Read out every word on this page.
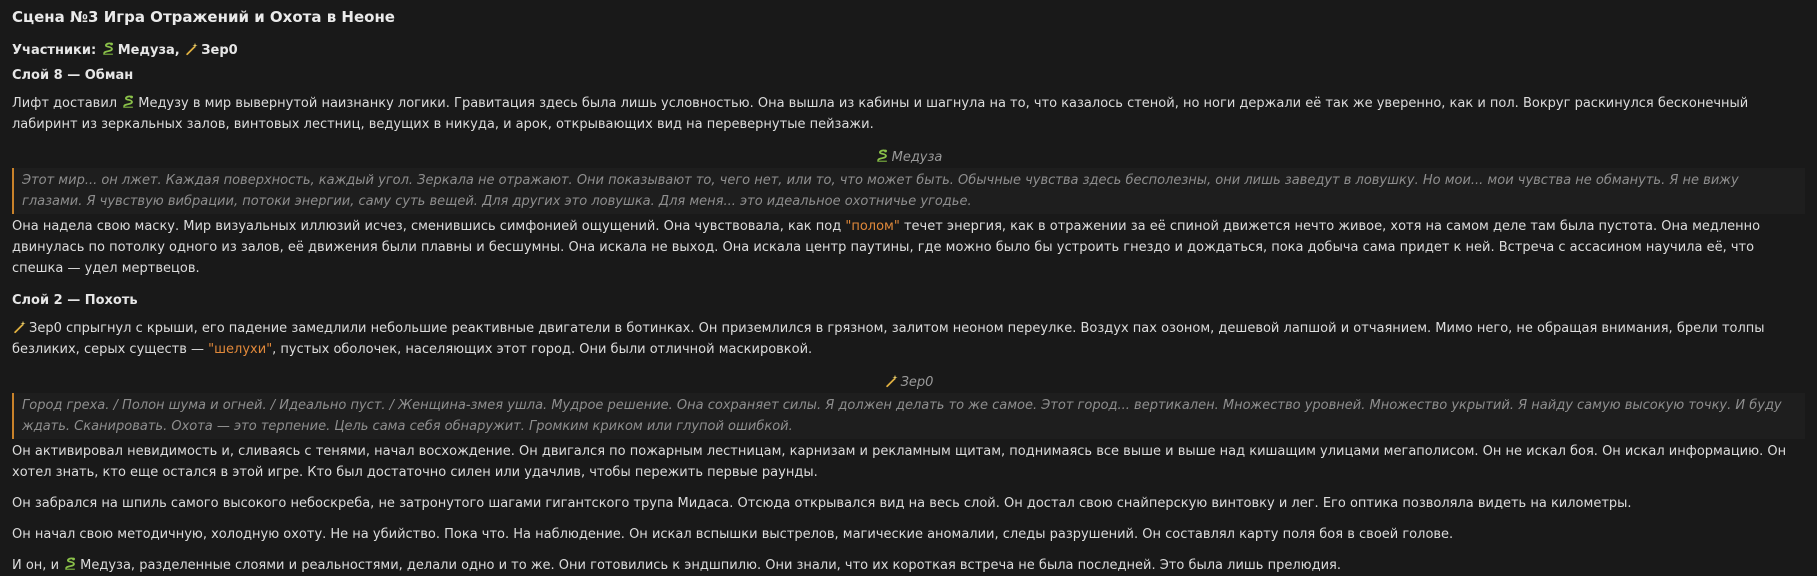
Сцена №3 Игра Отражений и Охота в Неоне
Участники: Медуза, Зер0
Слой 8 — Обман

Лифт доставил Медузу в мир вывернутой наизнанку логики. Гравитация здесь была лишь условностью. Она вышла из кабины и шагнула на то, что казалось стеной, но ноги держали её так же уверенно, как и пол. Вокруг раскинулся бесконечный лабиринт из зеркальных залов, винтовых лестниц, ведущих в никуда, и арок, открывающих вид на перевернутые пейзажи.

Медуза
Этот мир... он лжет. Каждая поверхность, каждый угол. Зеркала не отражают. Они показывают то, чего нет, или то, что может быть. Обычные чувства здесь бесполезны, они лишь заведут в ловушку. Но мои... мои чувства не обмануть. Я не вижу глазами. Я чувствую вибрации, потоки энергии, саму суть вещей. Для других это ловушка. Для меня... это идеальное охотничье угодье.

Она надела свою маску. Мир визуальных иллюзий исчез, сменившись симфонией ощущений. Она чувствовала, как под "полом" течет энергия, как в отражении за её спиной движется нечто живое, хотя на самом деле там была пустота. Она медленно двинулась по потолку одного из залов, её движения были плавны и бесшумны. Она искала не выход. Она искала центр паутины, где можно было бы устроить гнездо и дождаться, пока добыча сама придет к ней. Встреча с ассасином научила её, что спешка — удел мертвецов.

Слой 2 — Похоть

Зер0 спрыгнул с крыши, его падение замедлили небольшие реактивные двигатели в ботинках. Он приземлился в грязном, залитом неоном переулке. Воздух пах озоном, дешевой лапшой и отчаянием. Мимо него, не обращая внимания, брели толпы безликих, серых существ — "шелухи", пустых оболочек, населяющих этот город. Они были отличной маскировкой.

Зер0
Город греха. / Полон шума и огней. / Идеально пуст. / Женщина-змея ушла. Мудрое решение. Она сохраняет силы. Я должен делать то же самое. Этот город... вертикален. Множество уровней. Множество укрытий. Я найду самую высокую точку. И буду ждать. Сканировать. Охота — это терпение. Цель сама себя обнаружит. Громким криком или глупой ошибкой.

Он активировал невидимость и, сливаясь с тенями, начал восхождение. Он двигался по пожарным лестницам, карнизам и рекламным щитам, поднимаясь все выше и выше над кишащим улицами мегаполисом. Он не искал боя. Он искал информацию. Он хотел знать, кто еще остался в этой игре. Кто был достаточно силен или удачлив, чтобы пережить первые раунды.

Он забрался на шпиль самого высокого небоскреба, не затронутого шагами гигантского трупа Мидаса. Отсюда открывался вид на весь слой. Он достал свою снайперскую винтовку и лег. Его оптика позволяла видеть на километры.

Он начал свою методичную, холодную охоту. Не на убийство. Пока что. На наблюдение. Он искал вспышки выстрелов, магические аномалии, следы разрушений. Он составлял карту поля боя в своей голове.

И он, и Медуза, разделенные слоями и реальностями, делали одно и то же. Они готовились к эндшпилю. Они знали, что их короткая встреча не была последней. Это была лишь прелюдия.
